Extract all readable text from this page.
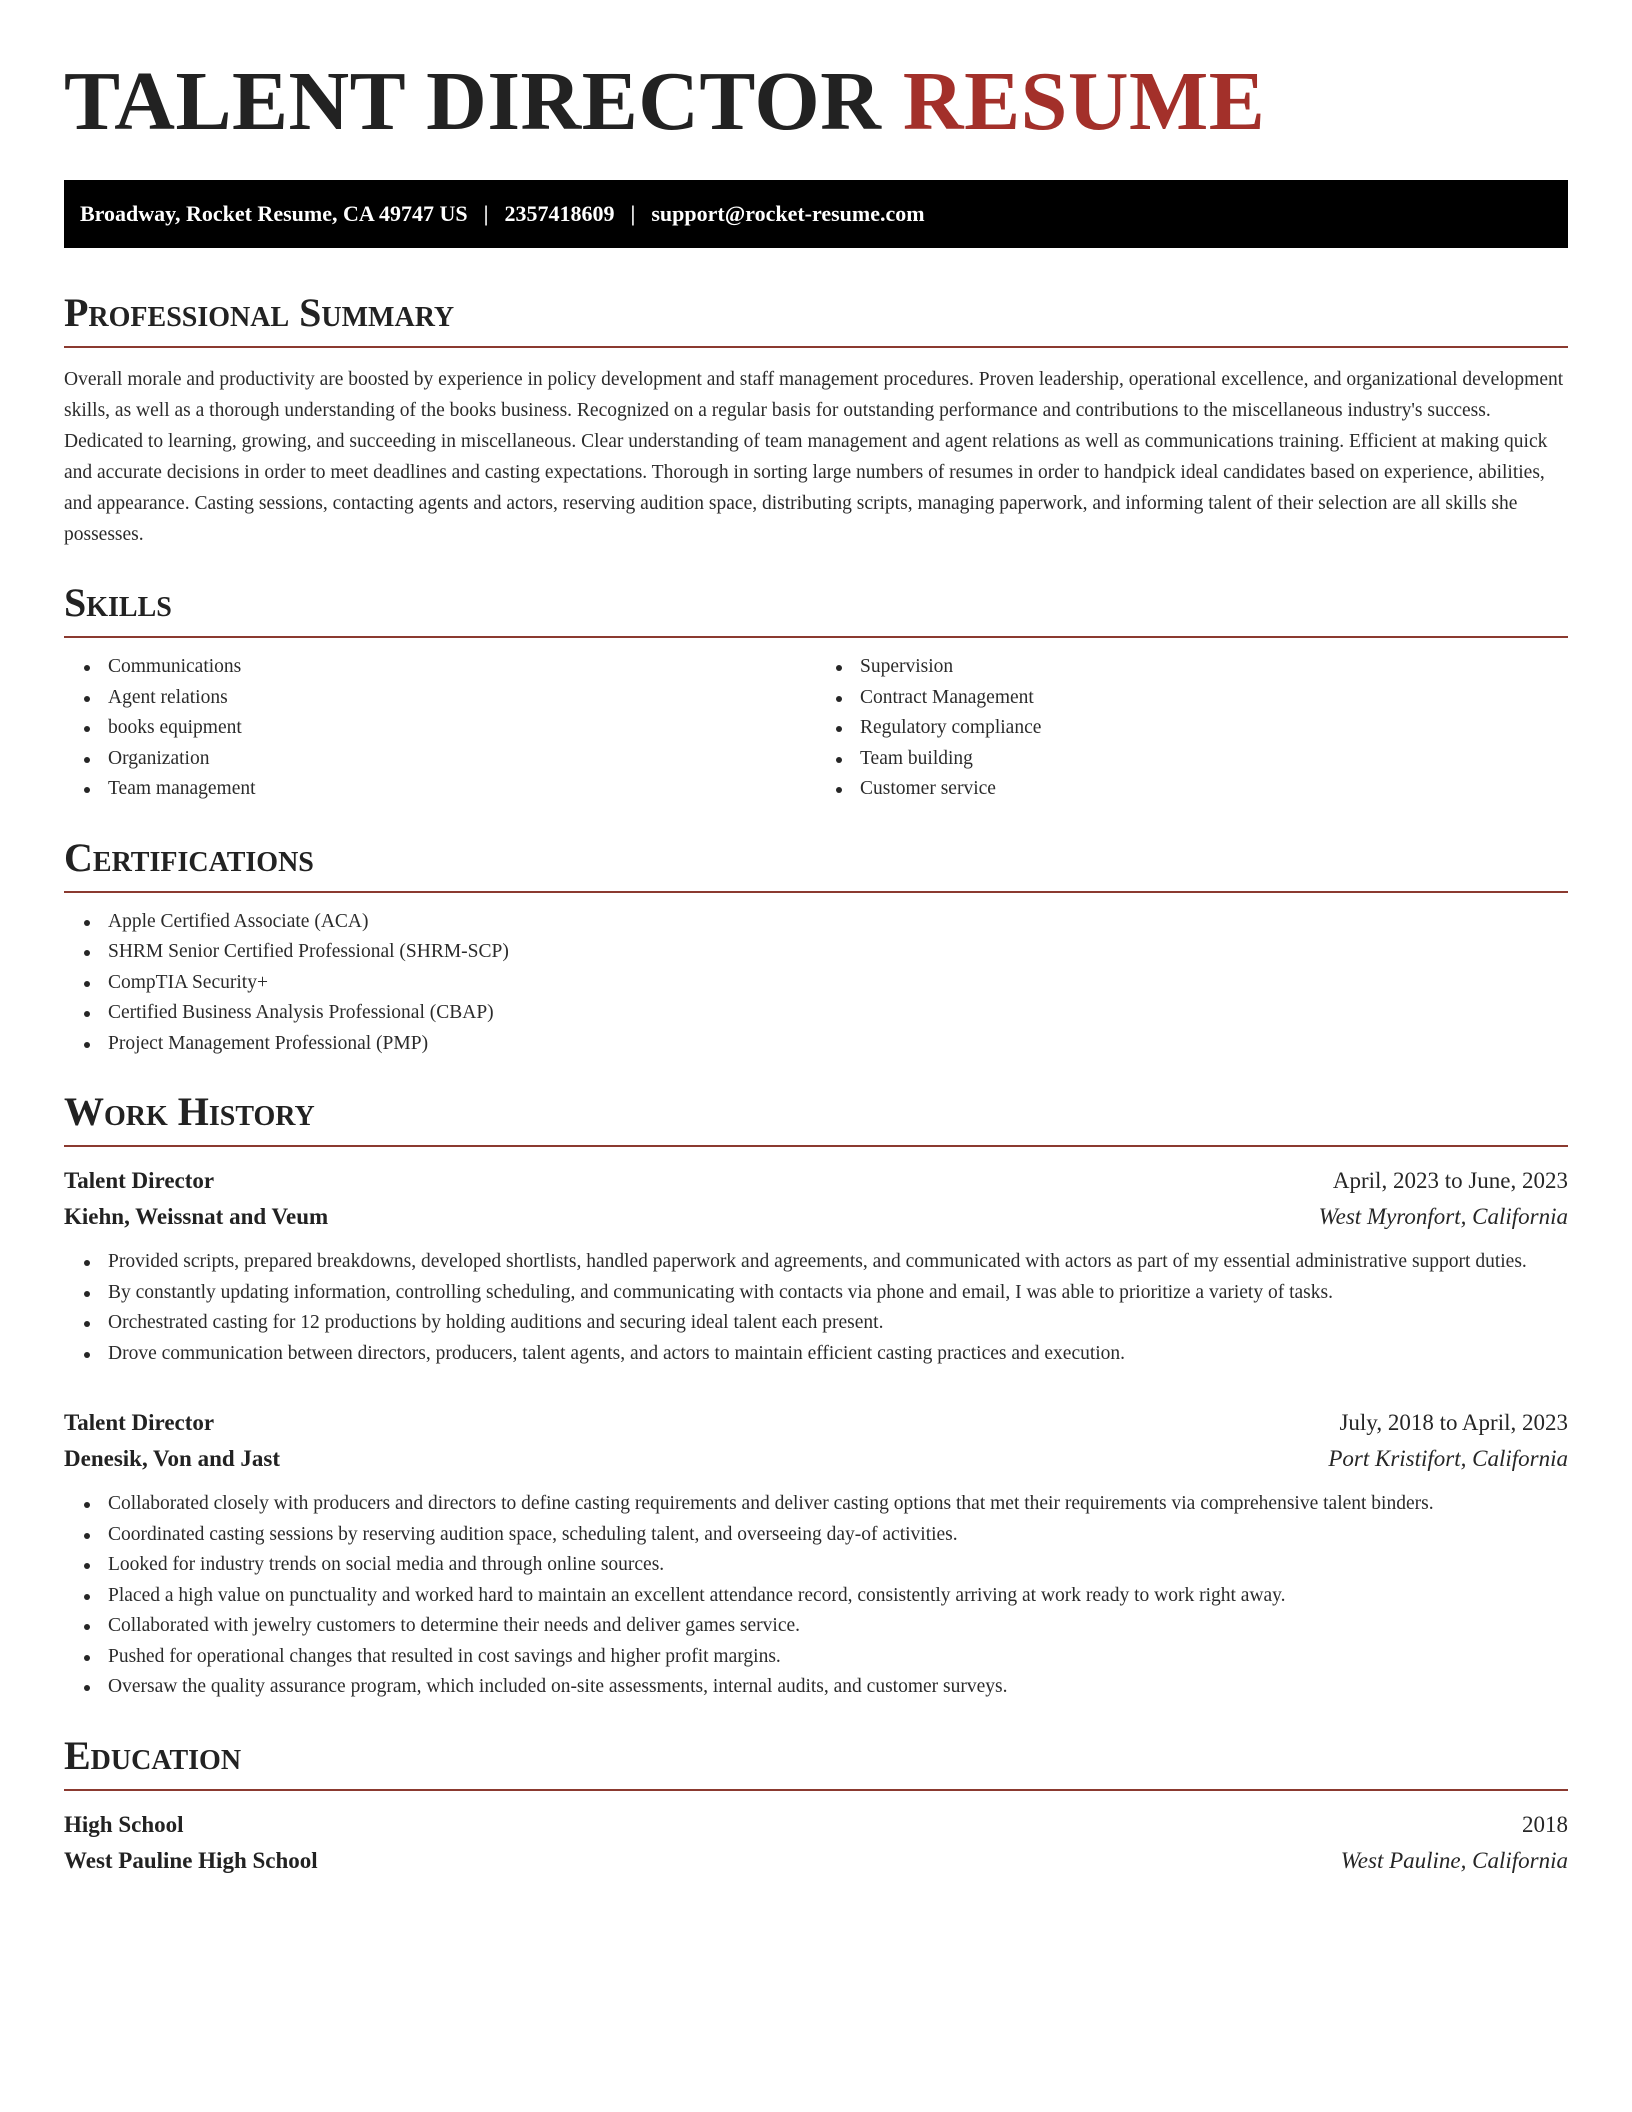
TALENT DIRECTOR RESUME
Broadway, Rocket Resume, CA 49747 US | 2357418609 | support@rocket-resume.com
Professional Summary

Overall morale and productivity are boosted by experience in policy development and staff management procedures. Proven leadership, operational excellence, and organizational development skills, as well as a thorough understanding of the books business. Recognized on a regular basis for outstanding performance and contributions to the miscellaneous industry's success. Dedicated to learning, growing, and succeeding in miscellaneous. Clear understanding of team management and agent relations as well as communications training. Efficient at making quick and accurate decisions in order to meet deadlines and casting expectations. Thorough in sorting large numbers of resumes in order to handpick ideal candidates based on experience, abilities, and appearance. Casting sessions, contacting agents and actors, reserving audition space, distributing scripts, managing paperwork, and informing talent of their selection are all skills she possesses.

Skills
Communications
Agent relations
books equipment
Organization
Team management
Supervision
Contract Management
Regulatory compliance
Team building
Customer service
Certifications
Apple Certified Associate (ACA)
SHRM Senior Certified Professional (SHRM-SCP)
CompTIA Security+
Certified Business Analysis Professional (CBAP)
Project Management Professional (PMP)
Work History
Talent Director	April, 2023 to June, 2023
Kiehn, Weissnat and Veum	West Myronfort, California
Provided scripts, prepared breakdowns, developed shortlists, handled paperwork and agreements, and communicated with actors as part of my essential administrative support duties.
By constantly updating information, controlling scheduling, and communicating with contacts via phone and email, I was able to prioritize a variety of tasks.
Orchestrated casting for 12 productions by holding auditions and securing ideal talent each present.
Drove communication between directors, producers, talent agents, and actors to maintain efficient casting practices and execution.
Talent Director	July, 2018 to April, 2023
Denesik, Von and Jast	Port Kristifort, California
Collaborated closely with producers and directors to define casting requirements and deliver casting options that met their requirements via comprehensive talent binders.
Coordinated casting sessions by reserving audition space, scheduling talent, and overseeing day-of activities.
Looked for industry trends on social media and through online sources.
Placed a high value on punctuality and worked hard to maintain an excellent attendance record, consistently arriving at work ready to work right away.
Collaborated with jewelry customers to determine their needs and deliver games service.
Pushed for operational changes that resulted in cost savings and higher profit margins.
Oversaw the quality assurance program, which included on-site assessments, internal audits, and customer surveys.
Education
High School	2018
West Pauline High School	West Pauline, California
